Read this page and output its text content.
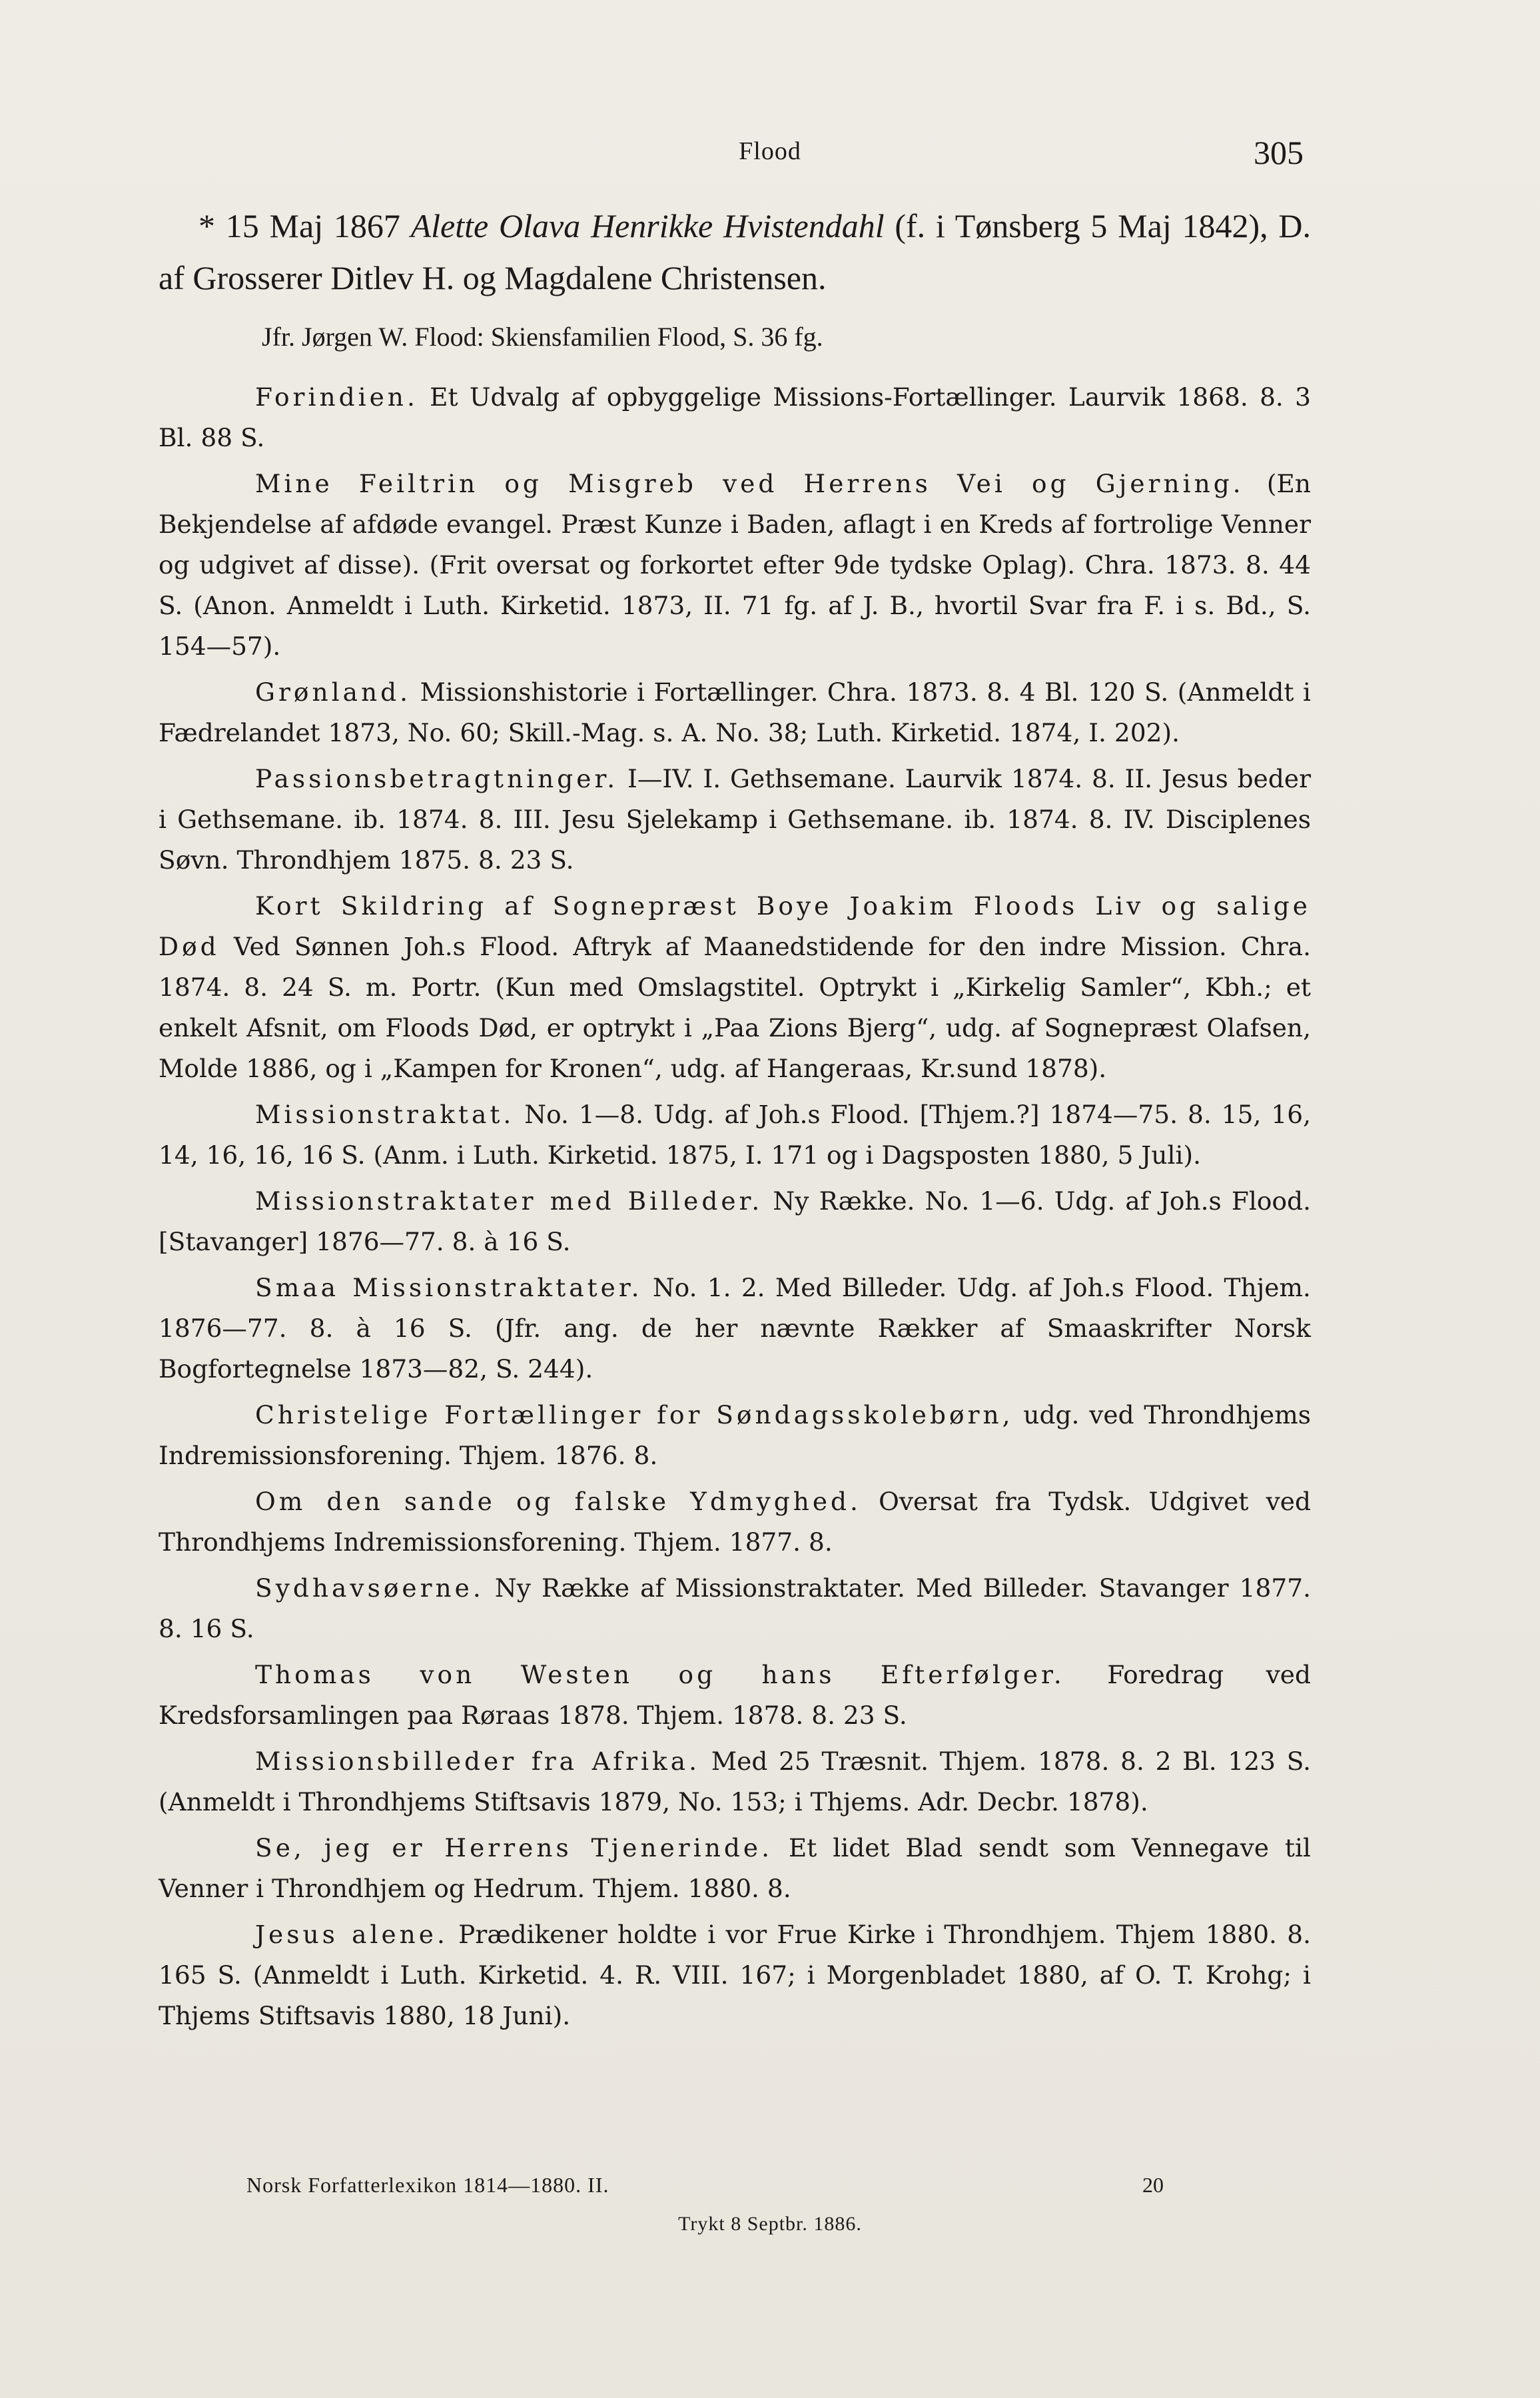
Flood	305

* 15 Maj 1867 Alette Olava Henrikke Hvistendahl (f. i Tønsberg 5 Maj 1842), D. af Grosserer Ditlev H. og Magdalene Christensen.

Jfr. Jørgen W. Flood: Skiensfamilien Flood, S. 36 fg.

Forindien. Et Udvalg af opbyggelige Missions-Fortællinger. Laurvik 1868. 8. 3 Bl. 88 S.

Mine Feiltrin og Misgreb ved Herrens Vei og Gjerning. (En Bekjendelse af afdøde evangel. Præst Kunze i Baden, aflagt i en Kreds af fortrolige Venner og udgivet af disse). (Frit oversat og forkortet efter 9de tydske Oplag). Chra. 1873. 8. 44 S. (Anon. Anmeldt i Luth. Kirketid. 1873, II. 71 fg. af J. B., hvortil Svar fra F. i s. Bd., S. 154—57).

Grønland. Missionshistorie i Fortællinger. Chra. 1873. 8. 4 Bl. 120 S. (Anmeldt i Fædrelandet 1873, No. 60; Skill.-Mag. s. A. No. 38; Luth. Kirketid. 1874, I. 202).

Passionsbetragtninger. I—IV. I. Gethsemane. Laurvik 1874. 8. II. Jesus beder i Gethsemane. ib. 1874. 8. III. Jesu Sjelekamp i Gethsemane. ib. 1874. 8. IV. Disciplenes Søvn. Throndhjem 1875. 8. 23 S.

Kort Skildring af Sognepræst Boye Joakim Floods Liv og salige Død Ved Sønnen Joh.s Flood. Aftryk af Maanedstidende for den indre Mission. Chra. 1874. 8. 24 S. m. Portr. (Kun med Omslagstitel. Optrykt i „Kirkelig Samler“, Kbh.; et enkelt Afsnit, om Floods Død, er optrykt i „Paa Zions Bjerg“, udg. af Sognepræst Olafsen, Molde 1886, og i „Kampen for Kronen“, udg. af Hangeraas, Kr.sund 1878).

Missionstraktat. No. 1—8. Udg. af Joh.s Flood. [Thjem.?] 1874—75. 8. 15, 16, 14, 16, 16, 16 S. (Anm. i Luth. Kirketid. 1875, I. 171 og i Dagsposten 1880, 5 Juli).

Missionstraktater med Billeder. Ny Række. No. 1—6. Udg. af Joh.s Flood. [Stavanger] 1876—77. 8. à 16 S.

Smaa Missionstraktater. No. 1. 2. Med Billeder. Udg. af Joh.s Flood. Thjem. 1876—77. 8. à 16 S. (Jfr. ang. de her nævnte Rækker af Smaaskrifter Norsk Bogfortegnelse 1873—82, S. 244).

Christelige Fortællinger for Søndagsskolebørn, udg. ved Throndhjems Indremissionsforening. Thjem. 1876. 8.

Om den sande og falske Ydmyghed. Oversat fra Tydsk. Udgivet ved Throndhjems Indremissionsforening. Thjem. 1877. 8.

Sydhavsøerne. Ny Række af Missionstraktater. Med Billeder. Stavanger 1877. 8. 16 S.

Thomas von Westen og hans Efterfølger. Foredrag ved Kredsforsamlingen paa Røraas 1878. Thjem. 1878. 8. 23 S.

Missionsbilleder fra Afrika. Med 25 Træsnit. Thjem. 1878. 8. 2 Bl. 123 S. (Anmeldt i Throndhjems Stiftsavis 1879, No. 153; i Thjems. Adr. Decbr. 1878).

Se, jeg er Herrens Tjenerinde. Et lidet Blad sendt som Vennegave til Venner i Throndhjem og Hedrum. Thjem. 1880. 8.

Jesus alene. Prædikener holdte i vor Frue Kirke i Throndhjem. Thjem 1880. 8. 165 S. (Anmeldt i Luth. Kirketid. 4. R. VIII. 167; i Morgenbladet 1880, af O. T. Krohg; i Thjems Stiftsavis 1880, 18 Juni).

Norsk Forfatterlexikon 1814—1880. II.	20
Trykt 8 Septbr. 1886.
